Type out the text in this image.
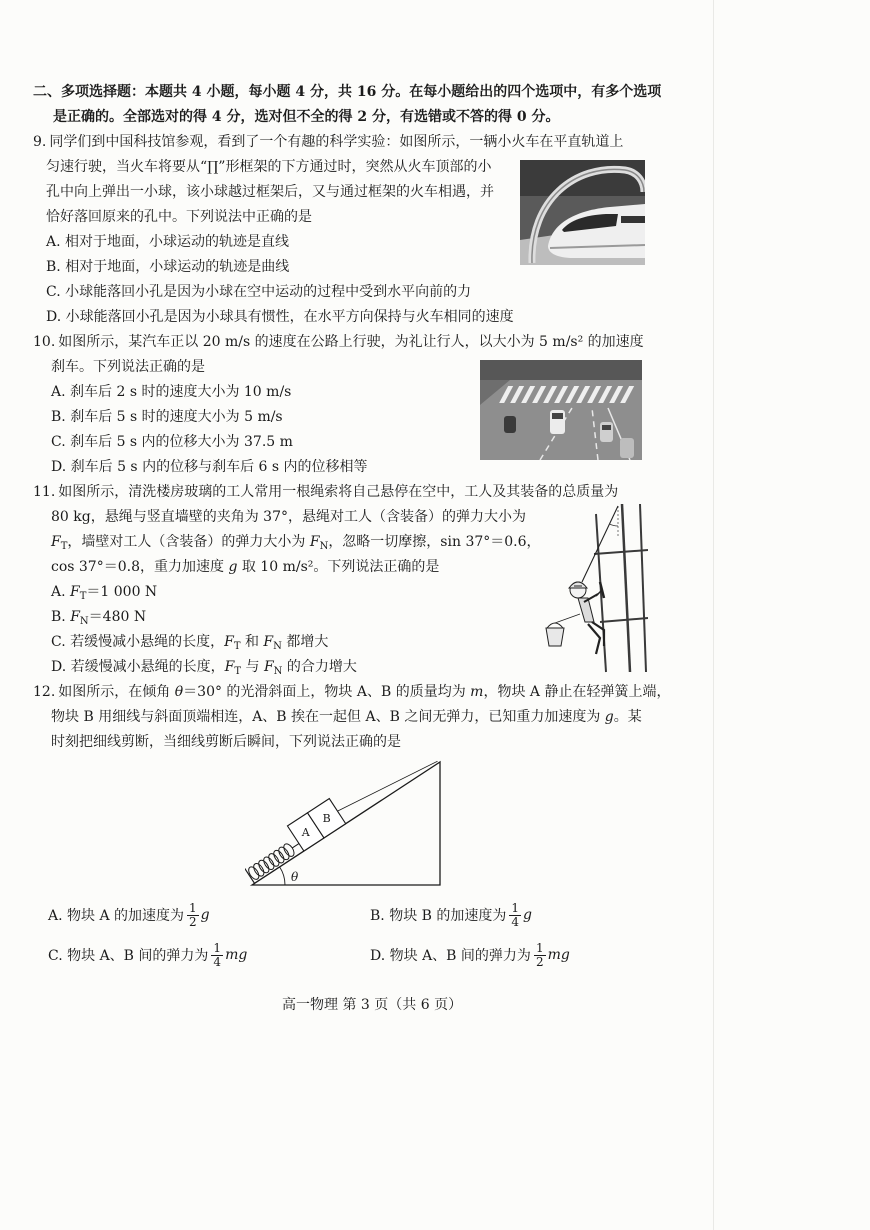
二、多项选择题：本题共 4 小题，每小题 4 分，共 16 分。在每小题给出的四个选项中，有多个选项
是正确的。全部选对的得 4 分，选对但不全的得 2 分，有选错或不答的得 0 分。
9. 同学们到中国科技馆参观，看到了一个有趣的科学实验：如图所示，一辆小火车在平直轨道上
匀速行驶，当火车将要从“∏”形框架的下方通过时，突然从火车顶部的小
孔中向上弹出一小球，该小球越过框架后，又与通过框架的火车相遇，并
恰好落回原来的孔中。下列说法中正确的是
A. 相对于地面，小球运动的轨迹是直线
B. 相对于地面，小球运动的轨迹是曲线
C. 小球能落回小孔是因为小球在空中运动的过程中受到水平向前的力
D. 小球能落回小孔是因为小球具有惯性，在水平方向保持与火车相同的速度
10. 如图所示，某汽车正以 20 m/s 的速度在公路上行驶，为礼让行人，以大小为 5 m/s² 的加速度
刹车。下列说法正确的是
A. 刹车后 2 s 时的速度大小为 10 m/s
B. 刹车后 5 s 时的速度大小为 5 m/s
C. 刹车后 5 s 内的位移大小为 37.5 m
D. 刹车后 5 s 内的位移与刹车后 6 s 内的位移相等
11. 如图所示，清洗楼房玻璃的工人常用一根绳索将自己悬停在空中，工人及其装备的总质量为
80 kg，悬绳与竖直墙壁的夹角为 37°，悬绳对工人（含装备）的弹力大小为
$F_T$，墙壁对工人（含装备）的弹力大小为 $F_N$，忽略一切摩擦，sin 37°＝0.6，
cos 37°＝0.8，重力加速度 g 取 10 m/s²。下列说法正确的是
A. $F_T=1$ 000 N
B. $F_N=480$ N
C. 若缓慢减小悬绳的长度，$F_T$ 和 $F_N$ 都增大
D. 若缓慢减小悬绳的长度，$F_T$ 与 $F_N$ 的合力增大
12. 如图所示，在倾角 θ＝30° 的光滑斜面上，物块 A、B 的质量均为 m，物块 A 静止在轻弹簧上端，
物块 B 用细线与斜面顶端相连，A、B 挨在一起但 A、B 之间无弹力，已知重力加速度为 g。某
时刻把细线剪断，当细线剪断后瞬间，下列说法正确的是
θ
A
B
A. 物块 A 的加速度为 $\frac{1}{2}$ g	B. 物块 B 的加速度为 $\frac{1}{4}$ g
C. 物块 A、B 间的弹力为 $\frac{1}{4}$ mg	D. 物块 A、B 间的弹力为 $\frac{1}{2}$ mg
高一物理 第 3 页（共 6 页）
